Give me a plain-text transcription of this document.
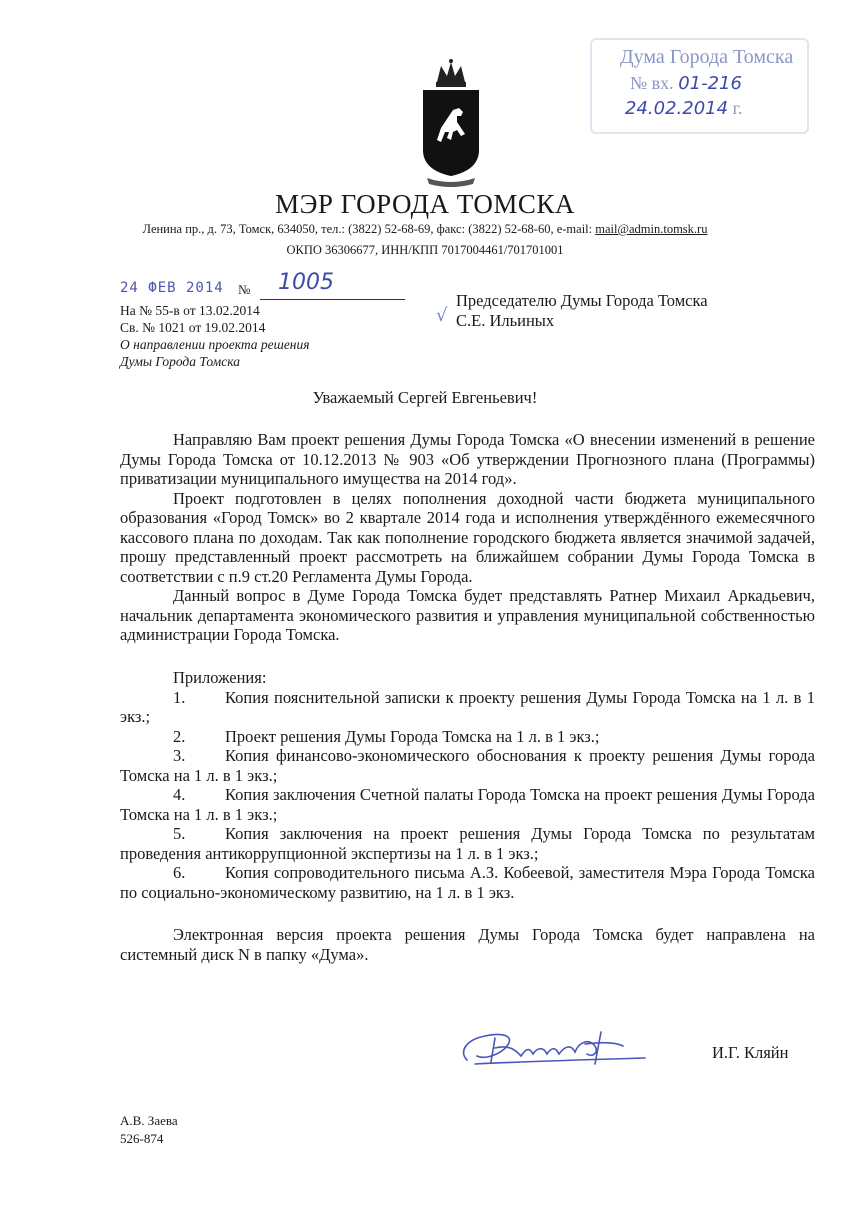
Дума Города Томска
№ вх. 01-216
24.02.2014 г.
МЭР ГОРОДА ТОМСКА
Ленина пр., д. 73, Томск, 634050, тел.: (3822) 52-68-69, факс: (3822) 52-68-60, e-mail: mail@admin.tomsk.ru
ОКПО 36306677, ИНН/КПП 7017004461/701701001
24 ФЕВ 2014 № 1005
На № 55-в от 13.02.2014
Св. № 1021 от 19.02.2014
О направлении проекта решения
Думы Города Томска
√
Председателю Думы Города Томска
С.Е. Ильиных
Уважаемый Сергей Евгеньевич!

Направляю Вам проект решения Думы Города Томска «О внесении изменений в решение Думы Города Томска от 10.12.2013 № 903 «Об утверждении Прогнозного плана (Программы) приватизации муниципального имущества на 2014 год».

Проект подготовлен в целях пополнения доходной части бюджета муниципального образования «Город Томск» во 2 квартале 2014 года и исполнения утверждённого ежемесячного кассового плана по доходам. Так как пополнение городского бюджета является значимой задачей, прошу представленный проект рассмотреть на ближайшем собрании Думы Города Томска в соответствии с п.9 ст.20 Регламента Думы Города.

Данный вопрос в Думе Города Томска будет представлять Ратнер Михаил Аркадьевич, начальник департамента экономического развития и управления муниципальной собственностью администрации Города Томска.

Приложения:
1.	Копия пояснительной записки к проекту решения Думы Города Томска на 1 л. в 1 экз.;
2.	Проект решения Думы Города Томска на 1 л. в 1 экз.;
3.	Копия финансово-экономического обоснования к проекту решения Думы города Томска на 1 л. в 1 экз.;
4.	Копия заключения Счетной палаты Города Томска на проект решения Думы Города Томска на 1 л. в 1 экз.;
5.	Копия заключения на проект решения Думы Города Томска по результатам проведения антикоррупционной экспертизы на 1 л. в 1 экз.;
6.	Копия сопроводительного письма А.З. Кобеевой, заместителя Мэра Города Томска по социально-экономическому развитию, на 1 л. в 1 экз.

Электронная версия проекта решения Думы Города Томска будет направлена на системный диск N в папку «Дума».

И.Г. Кляйн
А.В. Заева
526-874
